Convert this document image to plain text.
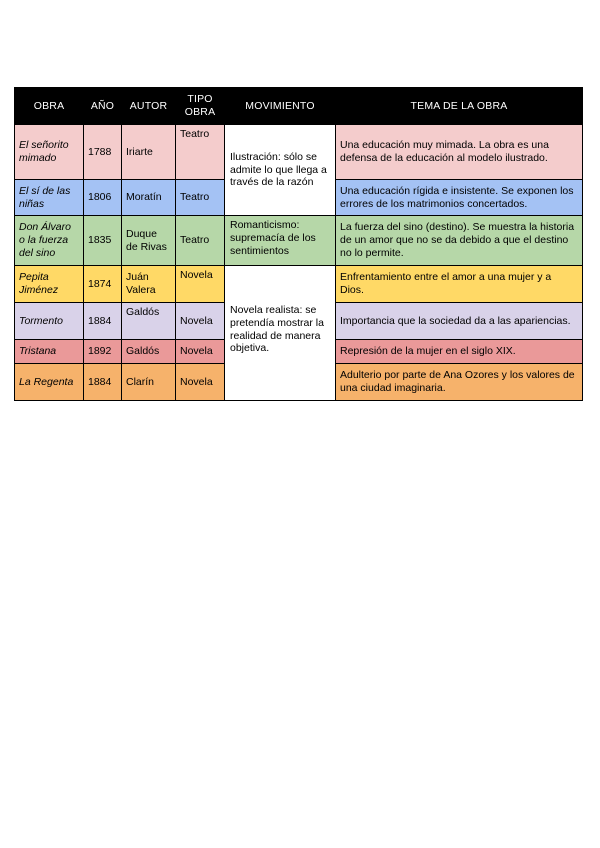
OBRA	AÑO	AUTOR	TIPO OBRA	MOVIMIENTO	TEMA DE LA OBRA
El señorito mimado	1788	Iriarte	Teatro	Ilustración: sólo se admite lo que llega a través de la razón	Una educación muy mimada. La obra es una defensa de la educación al modelo ilustrado.
El sí de las niñas	1806	Moratín	Teatro		Una educación rígida e insistente. Se exponen los errores de los matrimonios concertados.
Don Álvaro o la fuerza del sino	1835	Duque de Rivas	Teatro	Romanticismo: supremacía de los sentimientos	La fuerza del sino (destino). Se muestra la historia de un amor que no se da debido a que el destino no lo permite.
Pepita Jiménez	1874	Juán Valera	Novela	Novela realista: se pretendía mostrar la realidad de manera objetiva.	Enfrentamiento entre el amor a una mujer y a Dios.
Tormento	1884	Galdós	Novela		Importancia que la sociedad da a las apariencias.
Tristana	1892	Galdós	Novela		Represión de la mujer en el siglo XIX.
La Regenta	1884	Clarín	Novela		Adulterio por parte de Ana Ozores y los valores de una ciudad imaginaria.
